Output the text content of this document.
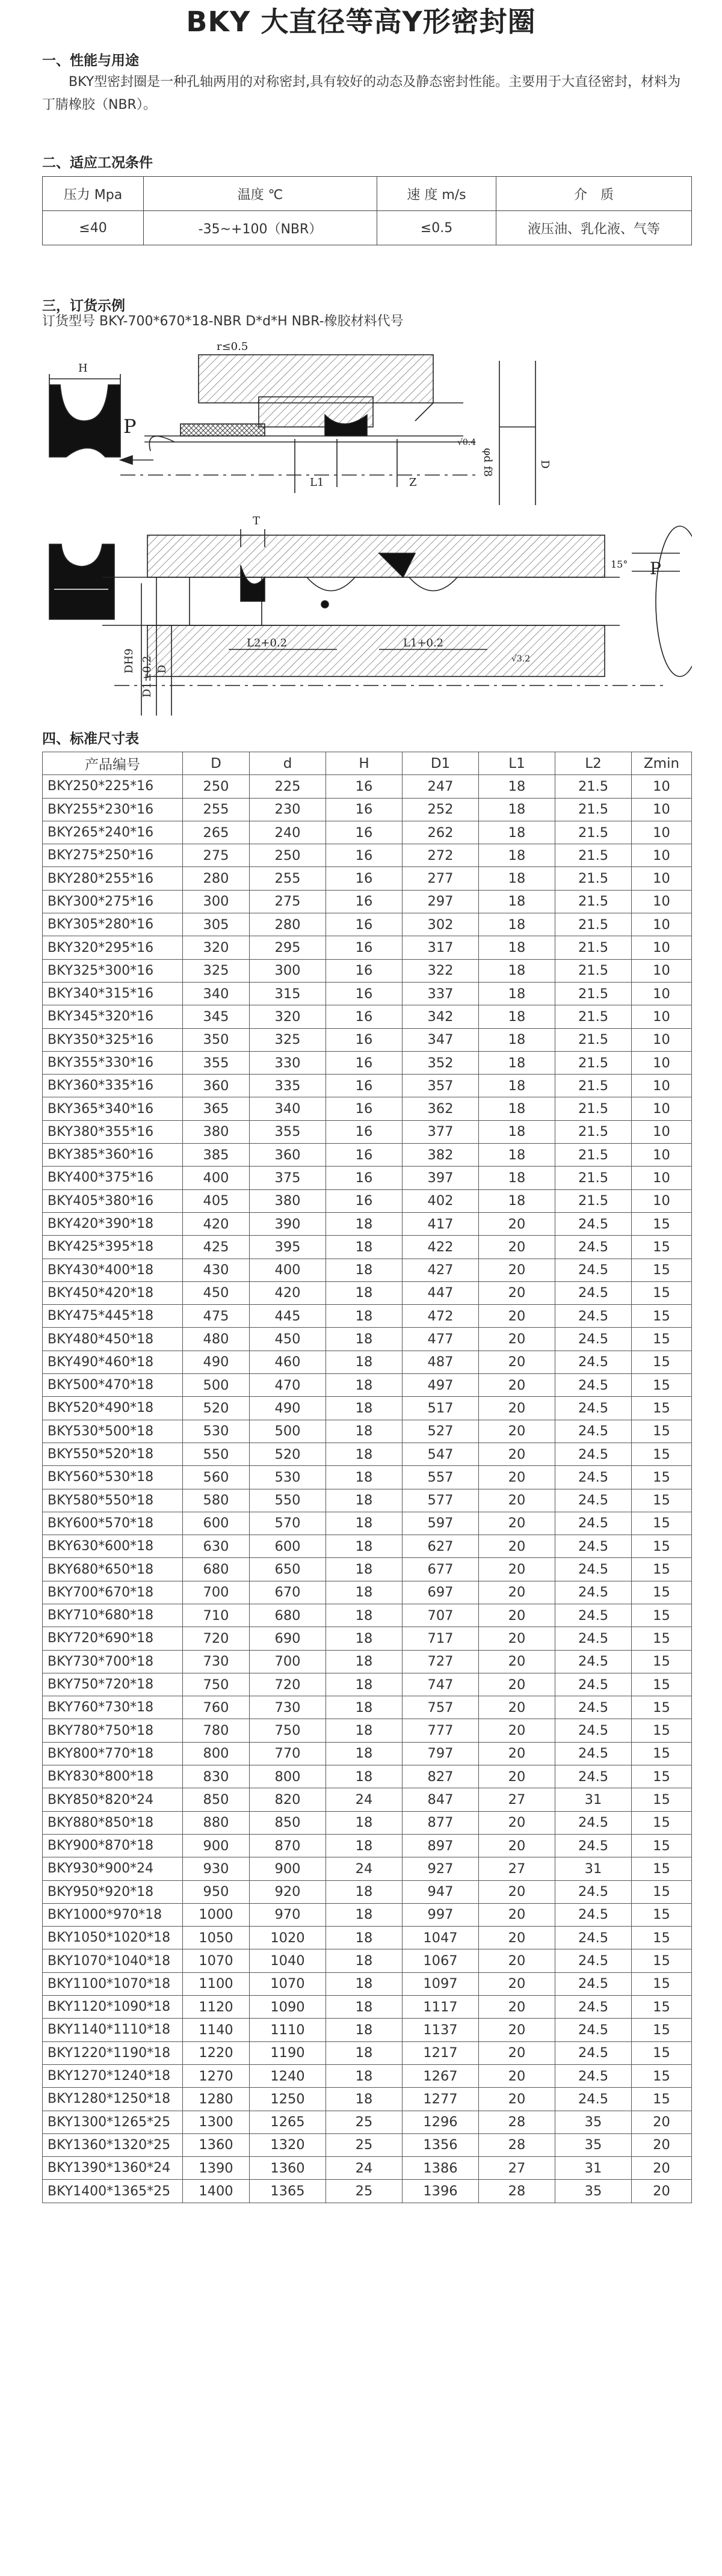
BKY 大直径等高Y形密封圈
一、性能与用途
BKY型密封圈是一种孔轴两用的对称密封,具有较好的动态及静态密封性能。主要用于大直径密封，材料为丁腈橡胶（NBR）。
二、适应工况条件
压力 Mpa	温度 ℃	速 度 m/s	介　质
≤40	-35~+100（NBR）	≤0.5	液压油、乳化液、气等
三，订货示例
订货型号 BKY-700*670*18-NBR D*d*H NBR-橡胶材料代号
H
r≤0.5
P
L1	Z
φd f8	D
√0.4
T
15° P
L2+0.2	L1+0.2
DH9 D1±0.2 D
√3.2
四、标准尺寸表
产品编号	D	d	H	D1	L1	L2	Zmin
BKY250*225*16	250	225	16	247	18	21.5	10
BKY255*230*16	255	230	16	252	18	21.5	10
BKY265*240*16	265	240	16	262	18	21.5	10
BKY275*250*16	275	250	16	272	18	21.5	10
BKY280*255*16	280	255	16	277	18	21.5	10
BKY300*275*16	300	275	16	297	18	21.5	10
BKY305*280*16	305	280	16	302	18	21.5	10
BKY320*295*16	320	295	16	317	18	21.5	10
BKY325*300*16	325	300	16	322	18	21.5	10
BKY340*315*16	340	315	16	337	18	21.5	10
BKY345*320*16	345	320	16	342	18	21.5	10
BKY350*325*16	350	325	16	347	18	21.5	10
BKY355*330*16	355	330	16	352	18	21.5	10
BKY360*335*16	360	335	16	357	18	21.5	10
BKY365*340*16	365	340	16	362	18	21.5	10
BKY380*355*16	380	355	16	377	18	21.5	10
BKY385*360*16	385	360	16	382	18	21.5	10
BKY400*375*16	400	375	16	397	18	21.5	10
BKY405*380*16	405	380	16	402	18	21.5	10
BKY420*390*18	420	390	18	417	20	24.5	15
BKY425*395*18	425	395	18	422	20	24.5	15
BKY430*400*18	430	400	18	427	20	24.5	15
BKY450*420*18	450	420	18	447	20	24.5	15
BKY475*445*18	475	445	18	472	20	24.5	15
BKY480*450*18	480	450	18	477	20	24.5	15
BKY490*460*18	490	460	18	487	20	24.5	15
BKY500*470*18	500	470	18	497	20	24.5	15
BKY520*490*18	520	490	18	517	20	24.5	15
BKY530*500*18	530	500	18	527	20	24.5	15
BKY550*520*18	550	520	18	547	20	24.5	15
BKY560*530*18	560	530	18	557	20	24.5	15
BKY580*550*18	580	550	18	577	20	24.5	15
BKY600*570*18	600	570	18	597	20	24.5	15
BKY630*600*18	630	600	18	627	20	24.5	15
BKY680*650*18	680	650	18	677	20	24.5	15
BKY700*670*18	700	670	18	697	20	24.5	15
BKY710*680*18	710	680	18	707	20	24.5	15
BKY720*690*18	720	690	18	717	20	24.5	15
BKY730*700*18	730	700	18	727	20	24.5	15
BKY750*720*18	750	720	18	747	20	24.5	15
BKY760*730*18	760	730	18	757	20	24.5	15
BKY780*750*18	780	750	18	777	20	24.5	15
BKY800*770*18	800	770	18	797	20	24.5	15
BKY830*800*18	830	800	18	827	20	24.5	15
BKY850*820*24	850	820	24	847	27	31	15
BKY880*850*18	880	850	18	877	20	24.5	15
BKY900*870*18	900	870	18	897	20	24.5	15
BKY930*900*24	930	900	24	927	27	31	15
BKY950*920*18	950	920	18	947	20	24.5	15
BKY1000*970*18	1000	970	18	997	20	24.5	15
BKY1050*1020*18	1050	1020	18	1047	20	24.5	15
BKY1070*1040*18	1070	1040	18	1067	20	24.5	15
BKY1100*1070*18	1100	1070	18	1097	20	24.5	15
BKY1120*1090*18	1120	1090	18	1117	20	24.5	15
BKY1140*1110*18	1140	1110	18	1137	20	24.5	15
BKY1220*1190*18	1220	1190	18	1217	20	24.5	15
BKY1270*1240*18	1270	1240	18	1267	20	24.5	15
BKY1280*1250*18	1280	1250	18	1277	20	24.5	15
BKY1300*1265*25	1300	1265	25	1296	28	35	20
BKY1360*1320*25	1360	1320	25	1356	28	35	20
BKY1390*1360*24	1390	1360	24	1386	27	31	20
BKY1400*1365*25	1400	1365	25	1396	28	35	20
